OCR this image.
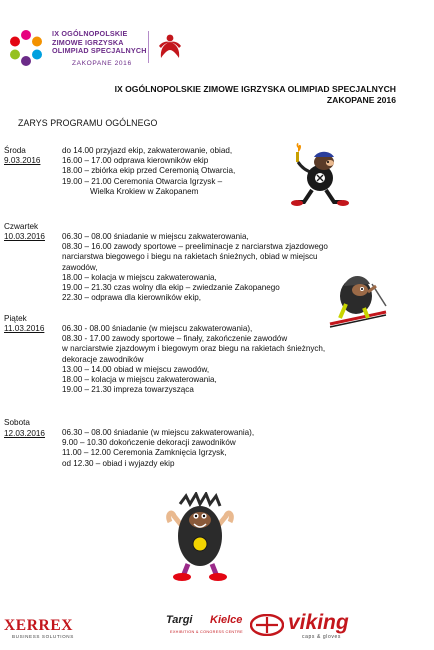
IX OGÓLNOPOLSKIE
ZIMOWE IGRZYSKA
OLIMPIAD SPECJALNYCH
ZAKOPANE 2016
IX OGÓLNOPOLSKIE ZIMOWE IGRZYSKA OLIMPIAD SPECJALNYCH
ZAKOPANE 2016
ZARYS PROGRAMU OGÓLNEGO
Środa
9.03.2016
do 14.00 przyjazd ekip, zakwaterowanie, obiad,
16.00 – 17.00 odprawa kierowników ekip
18.00 – zbiórka ekip przed Ceremonią Otwarcia,
19.00 – 21.00 Ceremonia Otwarcia Igrzysk –
Wielka Krokiew w Zakopanem
Czwartek
10.03.2016 06.30 – 08.00 śniadanie w miejscu zakwaterowania,
08.30 – 16.00 zawody sportowe – preeliminacje z narciarstwa zjazdowego
narciarstwa biegowego i biegu na rakietach śnieżnych, obiad w miejscu
zawodów,
18.00 – kolacja w miejscu zakwaterowania,
19.00 – 21.30 czas wolny dla ekip – zwiedzanie Zakopanego
22.30 – odprawa dla kierowników ekip,
Piątek
11.03.2016 06.30 - 08.00 śniadanie (w miejscu zakwaterowania),
08.30 - 17.00 zawody sportowe – finały, zakończenie zawodów
w narciarstwie zjazdowym i biegowym oraz biegu na rakietach śnieżnych,
dekoracje zawodników
13.00 – 14.00 obiad w miejscu zawodów,
18.00 – kolacja w miejscu zakwaterowania,
19.00 – 21.30 impreza towarzysząca
Sobota
12.03.2016 06.30 – 08.00 śniadanie (w miejscu zakwaterowania),
9.00 – 10.30 dokończenie dekoracji zawodników
11.00 – 12.00 Ceremonia Zamknięcia Igrzysk,
od 12.30 – obiad i wyjazdy ekip
XERREX
BUSINESS SOLUTIONS
Targi Kielce
EXHIBITION & CONGRESS CENTRE viking
caps & gloves
